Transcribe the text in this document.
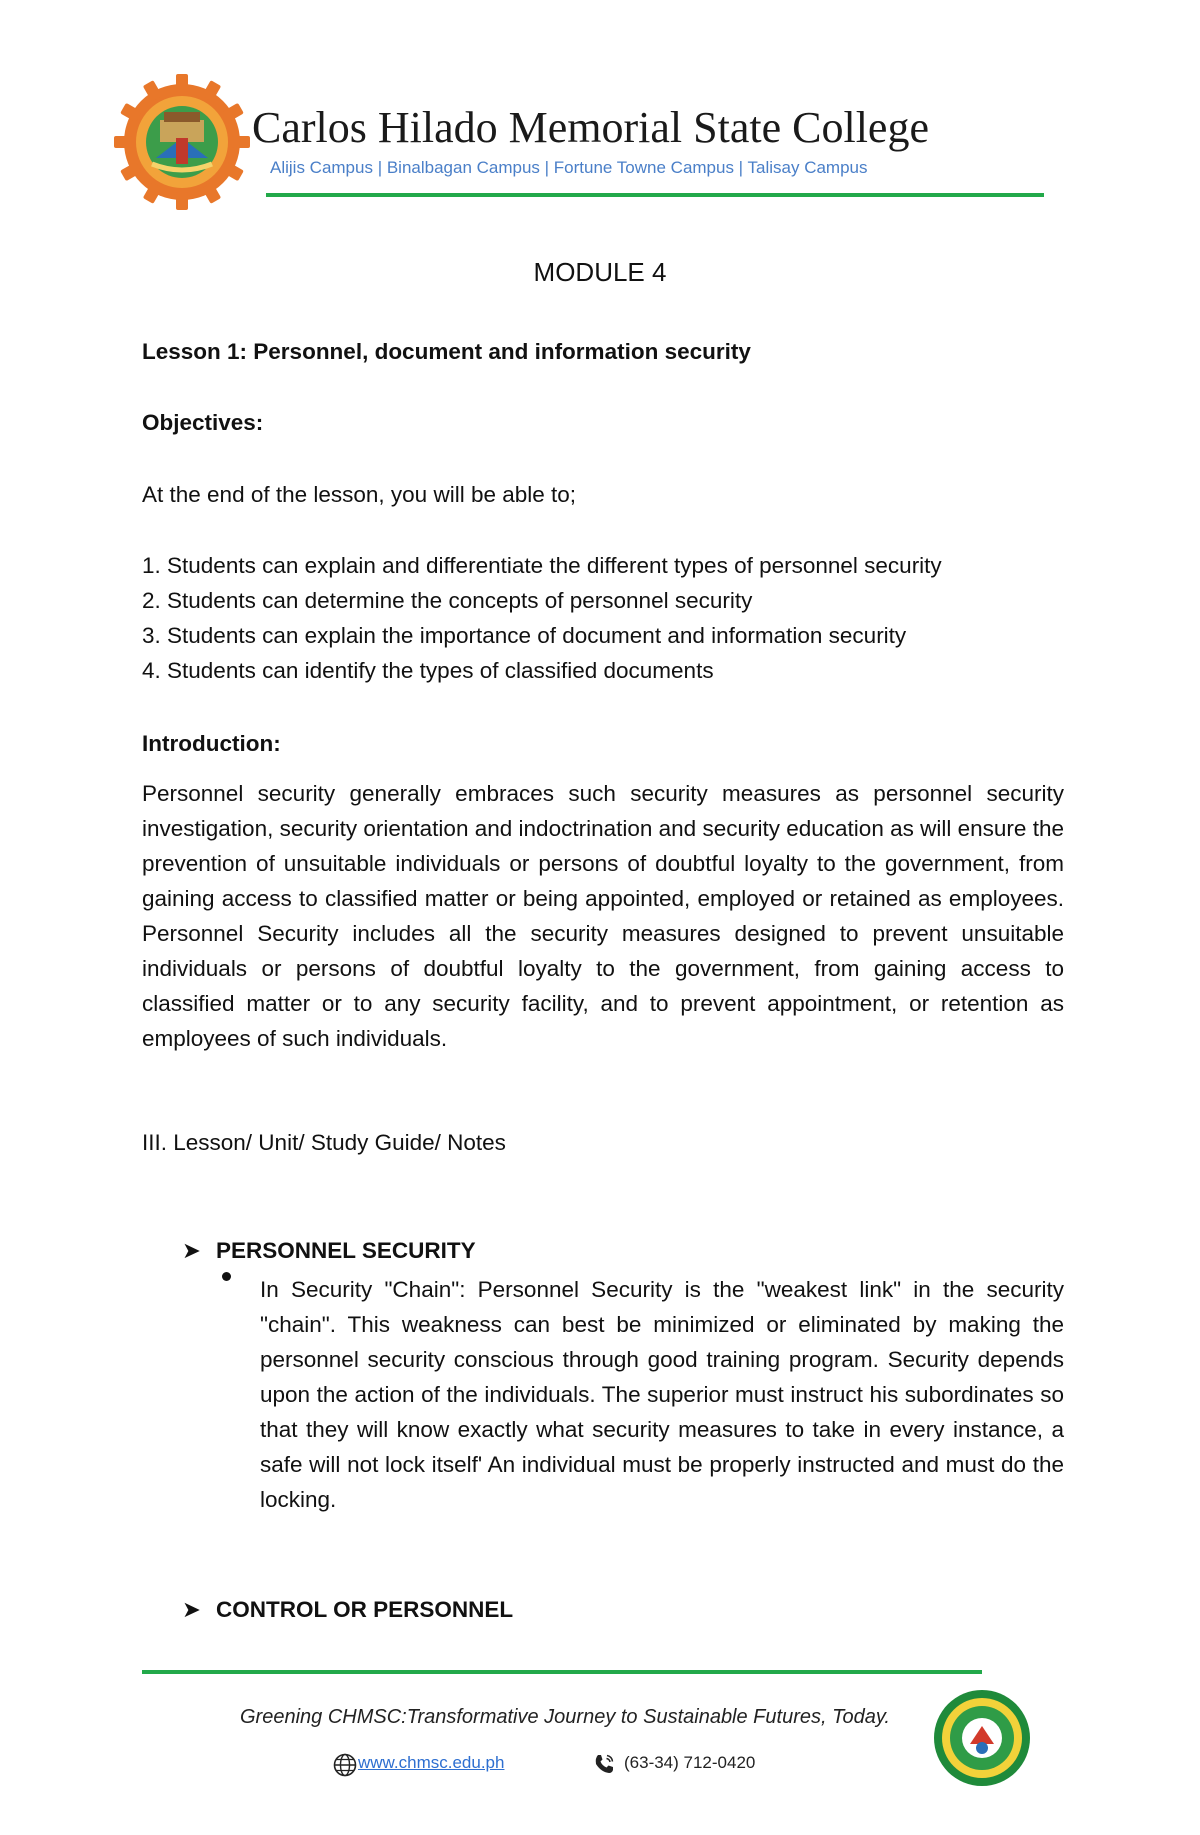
Carlos Hilado Memorial State College
Alijis Campus | Binalbagan Campus | Fortune Towne Campus | Talisay Campus
MODULE 4
Lesson 1: Personnel, document and information security
Objectives:
At the end of the lesson, you will be able to;
1. Students can explain and differentiate the different types of personnel security
2. Students can determine the concepts of personnel security
3. Students can explain the importance of document and information security
4. Students can identify the types of classified documents
Introduction:
Personnel security generally embraces such security measures as personnel security investigation, security orientation and indoctrination and security education as will ensure the prevention of unsuitable individuals or persons of doubtful loyalty to the government, from gaining access to classified matter or being appointed, employed or retained as employees. Personnel Security includes all the security measures designed to prevent unsuitable individuals or persons of doubtful loyalty to the government, from gaining access to classified matter or to any security facility, and to prevent appointment, or retention as employees of such individuals.
III. Lesson/ Unit/ Study Guide/ Notes
➤ PERSONNEL SECURITY
In Security "Chain": Personnel Security is the "weakest link" in the security "chain". This weakness can best be minimized or eliminated by making the personnel security conscious through good training program. Security depends upon the action of the individuals. The superior must instruct his subordinates so that they will know exactly what security measures to take in every instance, a safe will not lock itself' An individual must be properly instructed and must do the locking.
➤ CONTROL OR PERSONNEL
Greening CHMSC:Transformative Journey to Sustainable Futures, Today.
www.chmsc.edu.ph	(63-34) 712-0420
